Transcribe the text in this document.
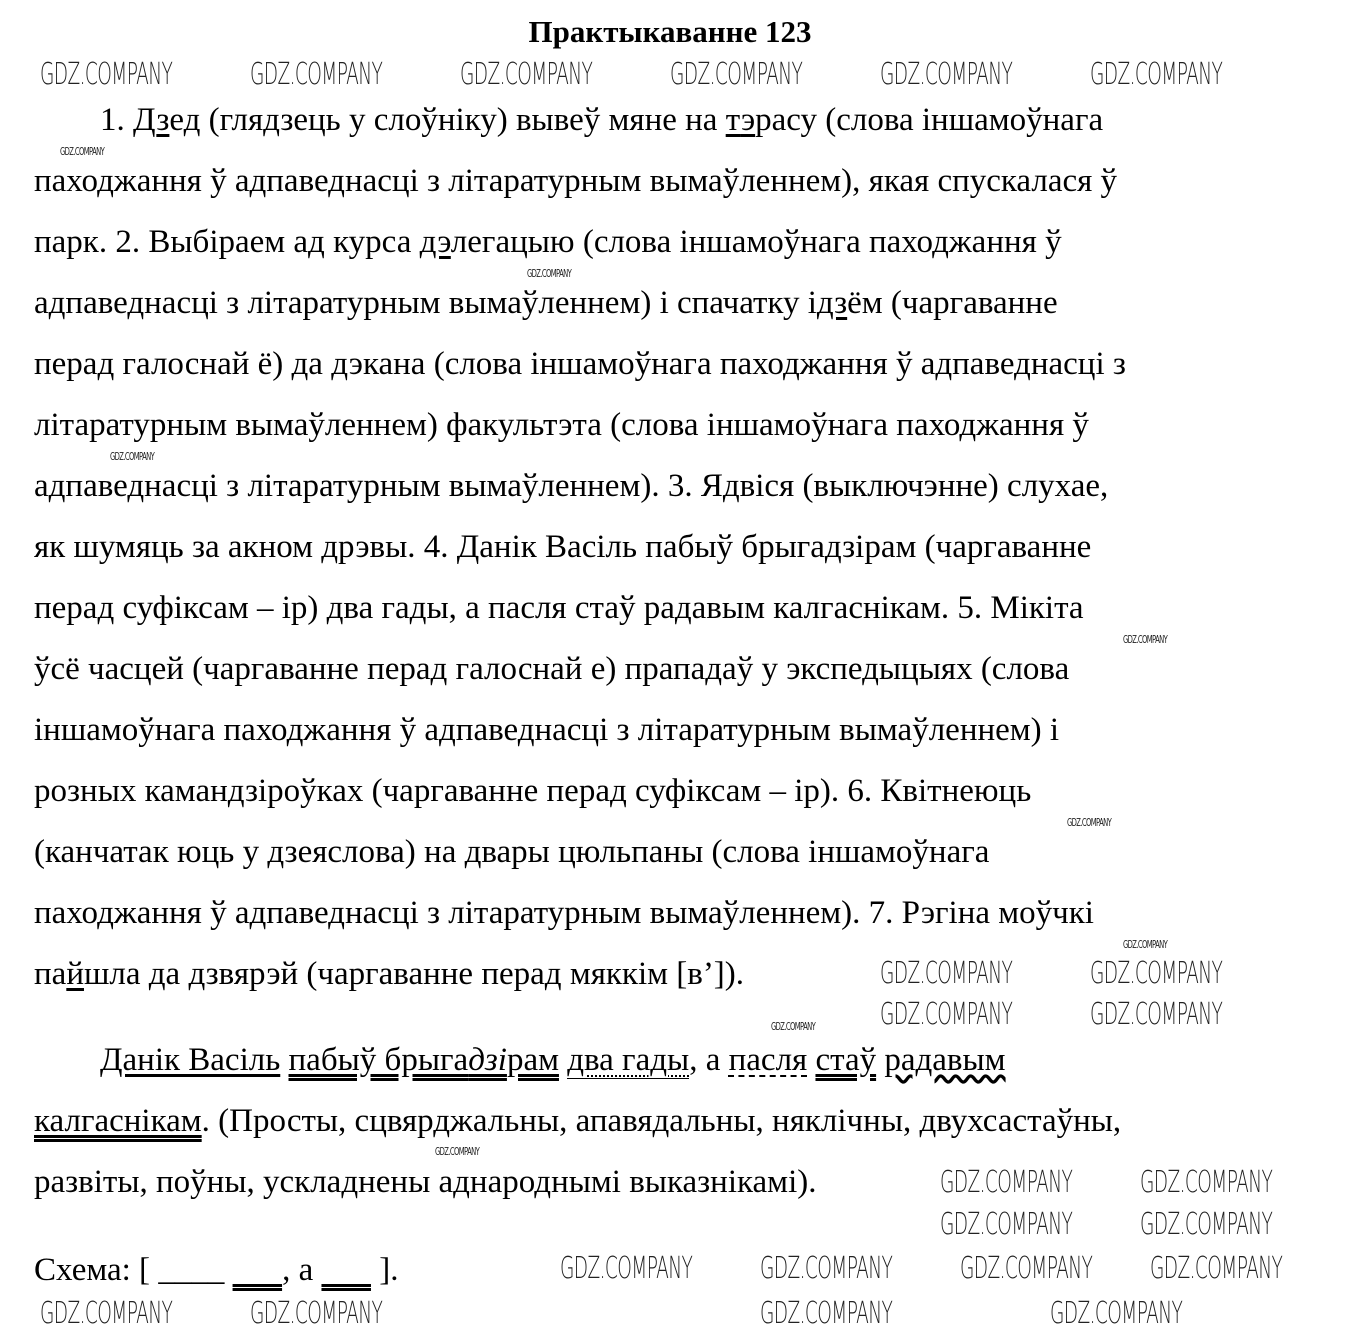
Практыкаванне 123
1. Дзед (глядзець у слоўніку) вывеў мяне на тэрасу (слова іншамоўнага
паходжання ў адпаведнасці з літаратурным вымаўленнем), якая спускалася ў
парк. 2. Выбіраем ад курса дэлегацыю (слова іншамоўнага паходжання ў
адпаведнасці з літаратурным вымаўленнем) і спачатку ідзём (чаргаванне
перад галоснай ё) да дэкана (слова іншамоўнага паходжання ў адпаведнасці з
літаратурным вымаўленнем) факультэта (слова іншамоўнага паходжання ў
адпаведнасці з літаратурным вымаўленнем). 3. Ядвіся (выключэнне) слухае,
як шумяць за акном дрэвы. 4. Данік Васіль пабыў брыгадзірам (чаргаванне
перад суфіксам – ір) два гады, а пасля стаў радавым калгаснікам. 5. Мікіта
ўсё часцей (чаргаванне перад галоснай е) прападаў у экспедыцыях (слова
іншамоўнага паходжання ў адпаведнасці з літаратурным вымаўленнем) і
розных камандзіроўках (чаргаванне перад суфіксам – ір). 6. Квітнеюць
(канчатак юць у дзеяслова) на двары цюльпаны (слова іншамоўнага
паходжання ў адпаведнасці з літаратурным вымаўленнем). 7. Рэгіна моўчкі
пайшла да дзвярэй (чаргаванне перад мяккім [в’]).
Данік Васіль пабыў брыгадзірам два гады, а пасля стаў радавым
калгаснікам. (Просты, сцвярджальны, апавядальны, няклічны, двухсастаўны,
развіты, поўны, ускладнены аднароднымі выказнікамі).
Схема: [ ____ , а        ].
GDZ.COMPANY	GDZ.COMPANY	GDZ.COMPANY	GDZ.COMPANY	GDZ.COMPANY	GDZ.COMPANY
GDZ.COMPANY
GDZ.COMPANY
GDZ.COMPANY
GDZ.COMPANY
GDZ.COMPANY
GDZ.COMPANY
GDZ.COMPANY
GDZ.COMPANY
GDZ.COMPANY	GDZ.COMPANY
GDZ.COMPANY	GDZ.COMPANY
GDZ.COMPANY GDZ.COMPANY
GDZ.COMPANY GDZ.COMPANY
GDZ.COMPANY GDZ.COMPANY GDZ.COMPANY GDZ.COMPANY
GDZ.COMPANY	GDZ.COMPANY	GDZ.COMPANY	GDZ.COMPANY
